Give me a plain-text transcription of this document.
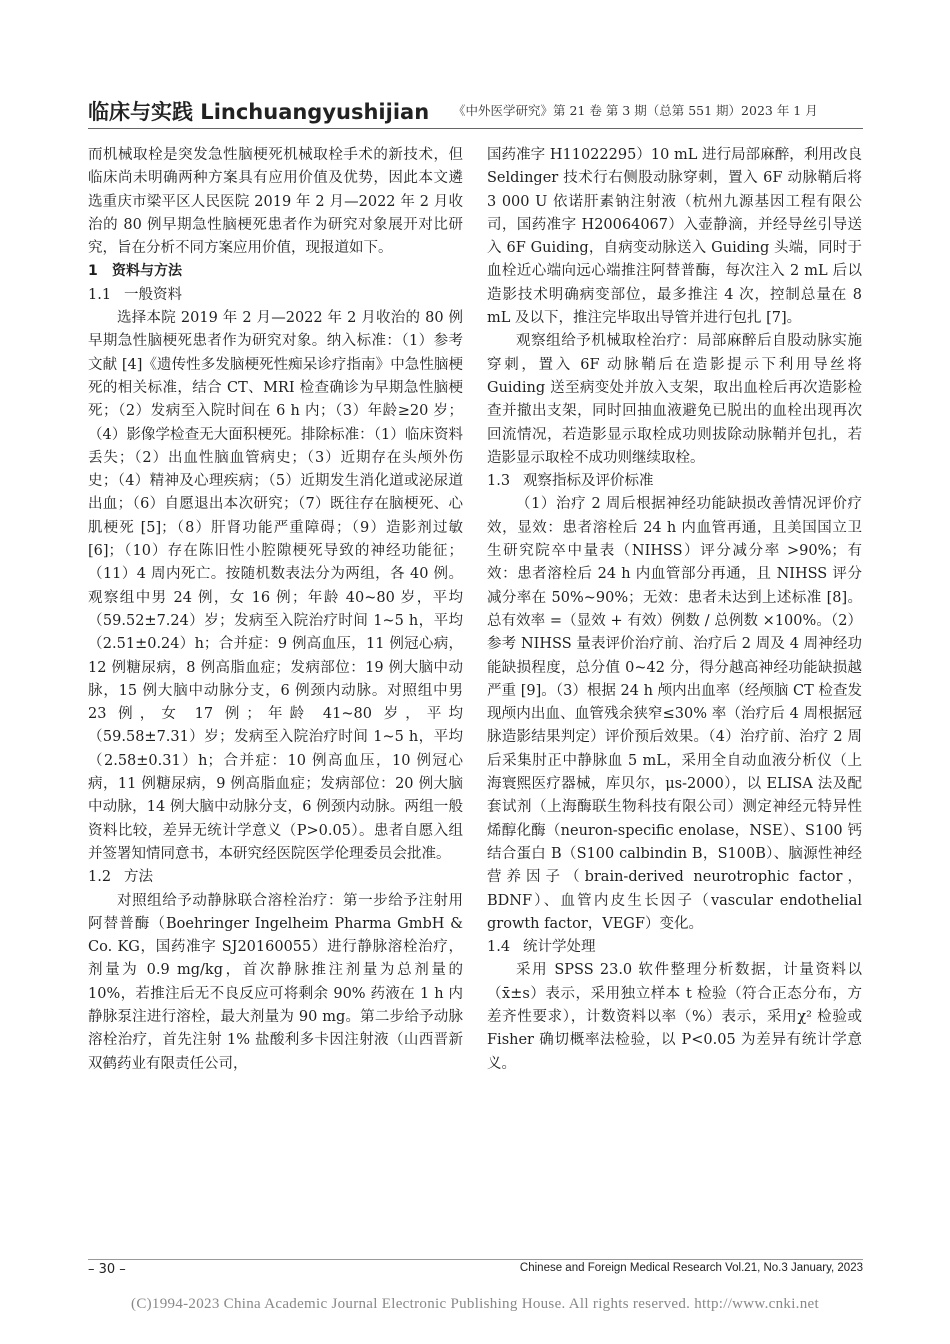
临床与实践 Linchuangyushijian 《中外医学研究》第 21 卷 第 3 期（总第 551 期）2023 年 1 月

而机械取栓是突发急性脑梗死机械取栓手术的新技术，但临床尚未明确两种方案具有应用价值及优势，因此本文遴选重庆市梁平区人民医院 2019 年 2 月—2022 年 2 月收治的 80 例早期急性脑梗死患者作为研究对象展开对比研究，旨在分析不同方案应用价值，现报道如下。

1 资料与方法
1.1 一般资料

选择本院 2019 年 2 月—2022 年 2 月收治的 80 例早期急性脑梗死患者作为研究对象。纳入标准：（1）参考文献 [4]《遗传性多发脑梗死性痴呆诊疗指南》中急性脑梗死的相关标准，结合 CT、MRI 检查确诊为早期急性脑梗死；（2）发病至入院时间在 6 h 内；（3）年龄≥20 岁；（4）影像学检查无大面积梗死。排除标准：（1）临床资料丢失；（2）出血性脑血管病史；（3）近期存在头颅外伤史；（4）精神及心理疾病；（5）近期发生消化道或泌尿道出血；（6）自愿退出本次研究；（7）既往存在脑梗死、心肌梗死 [5]；（8）肝肾功能严重障碍；（9）造影剂过敏 [6]；（10）存在陈旧性小腔隙梗死导致的神经功能征；（11）4 周内死亡。按随机数表法分为两组，各 40 例。观察组中男 24 例，女 16 例；年龄 40~80 岁，平均（59.52±7.24）岁；发病至入院治疗时间 1~5 h，平均（2.51±0.24）h；合并症：9 例高血压，11 例冠心病，12 例糖尿病，8 例高脂血症；发病部位：19 例大脑中动脉，15 例大脑中动脉分支，6 例颈内动脉。对照组中男 23 例，女 17 例；年龄 41~80 岁，平均（59.58±7.31）岁；发病至入院治疗时间 1~5 h，平均（2.58±0.31）h；合并症：10 例高血压，10 例冠心病，11 例糖尿病，9 例高脂血症；发病部位：20 例大脑中动脉，14 例大脑中动脉分支，6 例颈内动脉。两组一般资料比较，差异无统计学意义（P>0.05）。患者自愿入组并签署知情同意书，本研究经医院医学伦理委员会批准。

1.2 方法

对照组给予动静脉联合溶栓治疗：第一步给予注射用阿替普酶（Boehringer Ingelheim Pharma GmbH & Co. KG，国药准字 SJ20160055）进行静脉溶栓治疗，剂量为 0.9 mg/kg，首次静脉推注剂量为总剂量的 10%，若推注后无不良反应可将剩余 90% 药液在 1 h 内静脉泵注进行溶栓，最大剂量为 90 mg。第二步给予动脉溶栓治疗，首先注射 1% 盐酸利多卡因注射液（山西晋新双鹤药业有限责任公司，

国药准字 H11022295）10 mL 进行局部麻醉，利用改良 Seldinger 技术行右侧股动脉穿刺，置入 6F 动脉鞘后将 3 000 U 依诺肝素钠注射液（杭州九源基因工程有限公司，国药准字 H20064067）入壶静滴，并经导丝引导送入 6F Guiding，自病变动脉送入 Guiding 头端，同时于血栓近心端向远心端推注阿替普酶，每次注入 2 mL 后以造影技术明确病变部位，最多推注 4 次，控制总量在 8 mL 及以下，推注完毕取出导管并进行包扎 [7]。

观察组给予机械取栓治疗：局部麻醉后自股动脉实施穿刺，置入 6F 动脉鞘后在造影提示下利用导丝将 Guiding 送至病变处并放入支架，取出血栓后再次造影检查并撤出支架，同时回抽血液避免已脱出的血栓出现再次回流情况，若造影显示取栓成功则拔除动脉鞘并包扎，若造影显示取栓不成功则继续取栓。

1.3 观察指标及评价标准

（1）治疗 2 周后根据神经功能缺损改善情况评价疗效，显效：患者溶栓后 24 h 内血管再通，且美国国立卫生研究院卒中量表（NIHSS）评分减分率 >90%；有效：患者溶栓后 24 h 内血管部分再通，且 NIHSS 评分减分率在 50%~90%；无效：患者未达到上述标准 [8]。总有效率 =（显效 + 有效）例数 / 总例数 ×100%。（2）参考 NIHSS 量表评价治疗前、治疗后 2 周及 4 周神经功能缺损程度，总分值 0~42 分，得分越高神经功能缺损越严重 [9]。（3）根据 24 h 颅内出血率（经颅脑 CT 检查发现颅内出血、血管残余狭窄≤30% 率（治疗后 4 周根据冠脉造影结果判定）评价预后效果。（4）治疗前、治疗 2 周后采集肘正中静脉血 5 mL，采用全自动血液分析仪（上海寰熙医疗器械，库贝尔，μs-2000），以 ELISA 法及配套试剂（上海酶联生物科技有限公司）测定神经元特异性烯醇化酶（neuron-specific enolase，NSE）、S100 钙结合蛋白 B（S100 calbindin B，S100B）、脑源性神经营养因子（brain-derived neurotrophic factor，BDNF）、血管内皮生长因子（vascular endothelial growth factor，VEGF）变化。

1.4 统计学处理

采用 SPSS 23.0 软件整理分析数据，计量资料以（x̄±s）表示，采用独立样本 t 检验（符合正态分布，方差齐性要求），计数资料以率（%）表示，采用χ² 检验或 Fisher 确切概率法检验，以 P<0.05 为差异有统计学意义。

– 30 –	Chinese and Foreign Medical Research Vol.21, No.3 January, 2023
(C)1994-2023 China Academic Journal Electronic Publishing House. All rights reserved. http://www.cnki.net
